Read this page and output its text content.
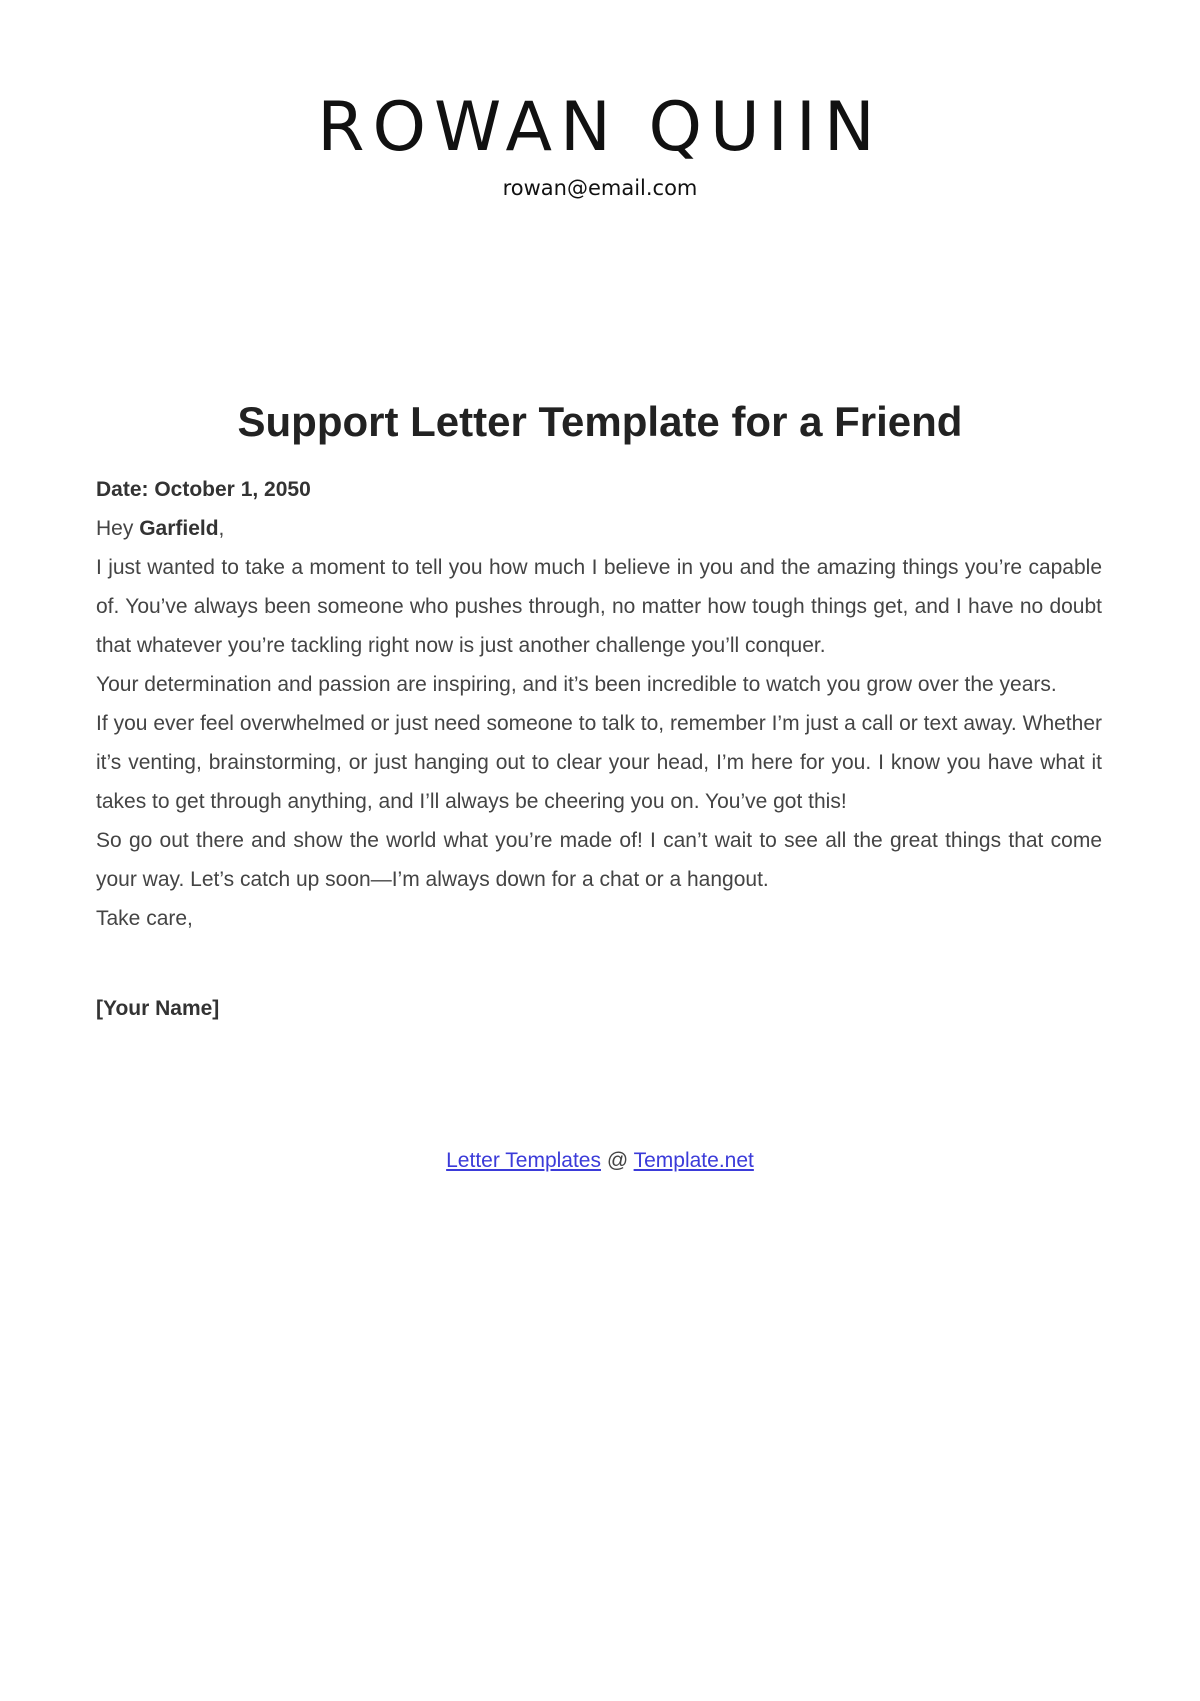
ROWAN QUIIN
rowan@email.com
Support Letter Template for a Friend

Date: October 1, 2050

Hey Garfield,

I just wanted to take a moment to tell you how much I believe in you and the amazing things you’re capable of. You’ve always been someone who pushes through, no matter how tough things get, and I have no doubt that whatever you’re tackling right now is just another challenge you’ll conquer.

Your determination and passion are inspiring, and it’s been incredible to watch you grow over the years.

If you ever feel overwhelmed or just need someone to talk to, remember I’m just a call or text away. Whether it’s venting, brainstorming, or just hanging out to clear your head, I’m here for you. I know you have what it takes to get through anything, and I’ll always be cheering you on. You’ve got this!

So go out there and show the world what you’re made of! I can’t wait to see all the great things that come your way. Let’s catch up soon—I’m always down for a chat or a hangout.

Take care,

[Your Name]

Letter Templates @ Template.net
